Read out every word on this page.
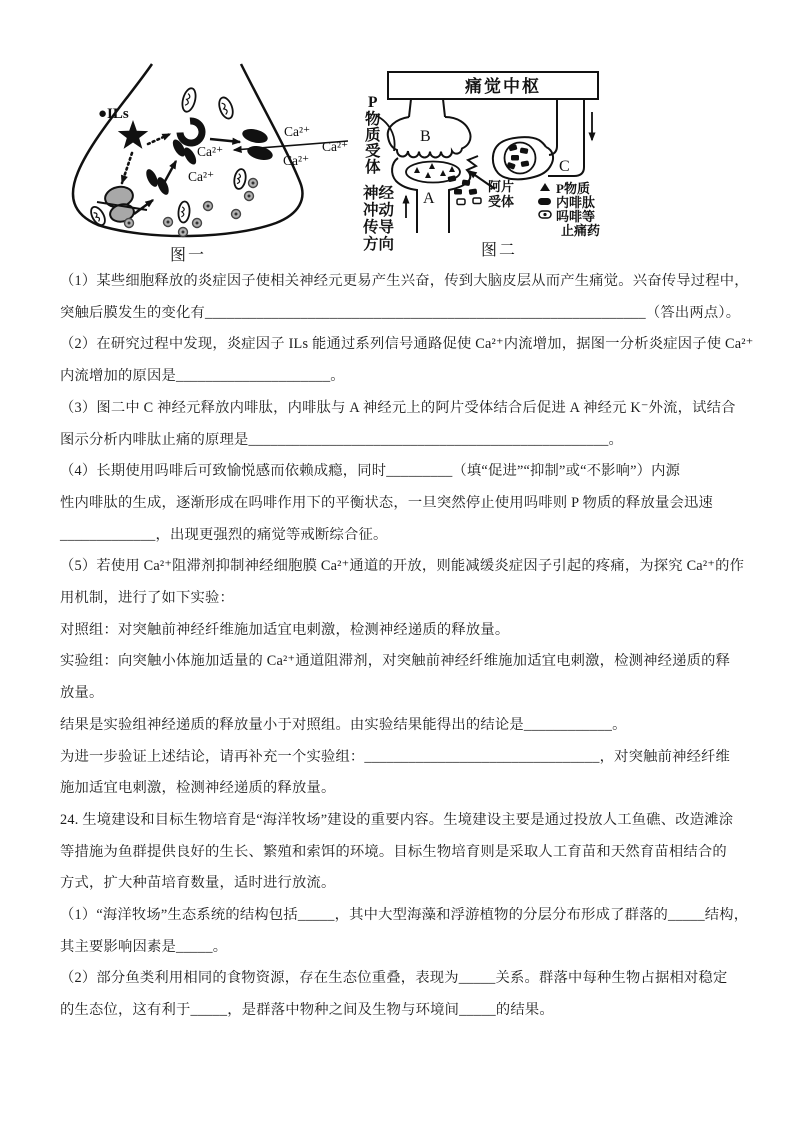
●ILs
Ca²⁺
Ca²⁺
Ca²⁺
Ca²⁺
Ca²⁺
图一
痛觉中枢
B
A
阿片
受体
C
P物质
内啡肽
吗啡等
止痛药
P
物
质
受
体
神经
冲动
传导
方向	图二

（1）某些细胞释放的炎症因子使相关神经元更易产生兴奋，传到大脑皮层从而产生痛觉。兴奋传导过程中，

突触后膜发生的变化有____________________________________________________________（答出两点）。

（2）在研究过程中发现，炎症因子 ILs 能通过系列信号通路促使 Ca²⁺内流增加，据图一分析炎症因子使 Ca²⁺

内流增加的原因是_____________________。

（3）图二中 C 神经元释放内啡肽，内啡肽与 A 神经元上的阿片受体结合后促进 A 神经元 K⁻外流，试结合

图示分析内啡肽止痛的原理是_________________________________________________。

（4）长期使用吗啡后可致愉悦感而依赖成瘾，同时_________（填“促进”“抑制”或“不影响”）内源

性内啡肽的生成，逐渐形成在吗啡作用下的平衡状态，一旦突然停止使用吗啡则 P 物质的释放量会迅速

_____________，出现更强烈的痛觉等戒断综合征。

（5）若使用 Ca²⁺阻滞剂抑制神经细胞膜 Ca²⁺通道的开放，则能减缓炎症因子引起的疼痛，为探究 Ca²⁺的作

用机制，进行了如下实验：

对照组：对突触前神经纤维施加适宜电刺激，检测神经递质的释放量。

实验组：向突触小体施加适量的 Ca²⁺通道阻滞剂，对突触前神经纤维施加适宜电刺激，检测神经递质的释

放量。

结果是实验组神经递质的释放量小于对照组。由实验结果能得出的结论是____________。

为进一步验证上述结论，请再补充一个实验组：________________________________，对突触前神经纤维

施加适宜电刺激，检测神经递质的释放量。

24. 生境建设和目标生物培育是“海洋牧场”建设的重要内容。生境建设主要是通过投放人工鱼礁、改造滩涂

等措施为鱼群提供良好的生长、繁殖和索饵的环境。目标生物培育则是采取人工育苗和天然育苗相结合的

方式，扩大种苗培育数量，适时进行放流。

（1）“海洋牧场”生态系统的结构包括_____，其中大型海藻和浮游植物的分层分布形成了群落的_____结构，

其主要影响因素是_____。

（2）部分鱼类利用相同的食物资源，存在生态位重叠，表现为_____关系。群落中每种生物占据相对稳定

的生态位，这有利于_____，是群落中物种之间及生物与环境间_____的结果。
